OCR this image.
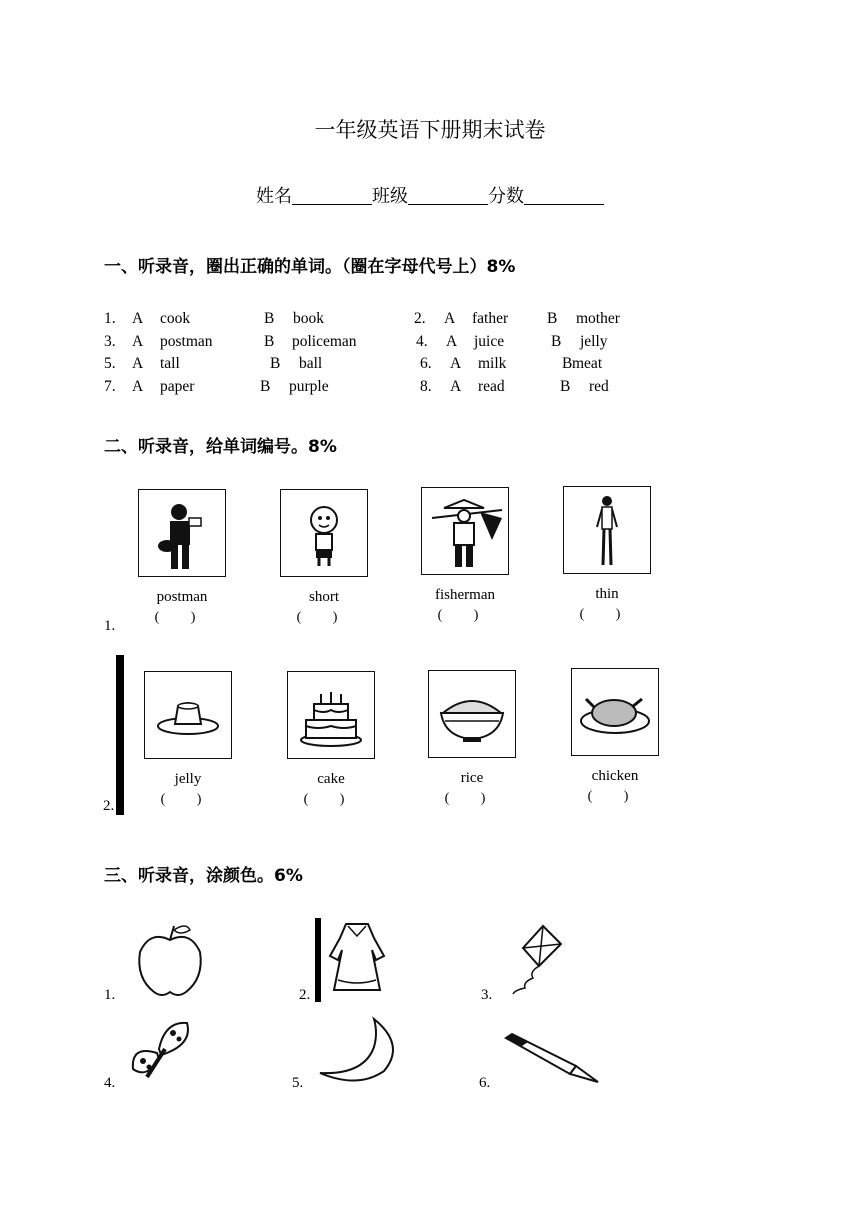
一年级英语下册期末试卷
姓名	班级	分数
一、听录音，圈出正确的单词。（圈在字母代号上）8%
1. A cook	B book	2. A father	B mother
3. A postman	B policeman	4. A juice	B jelly
5. A tall	B ball	6. A milk	B meat
7. A paper	B purple	8. A read	B red
二、听录音，给单词编号。8%
1.
postman
( )
short
( )
fisherman
( )
thin
( )
2.
jelly
( )
cake
( )
rice
( )
chicken
( )
三、听录音，涂颜色。6%
1.	2.	3.
4.	5.	6.
